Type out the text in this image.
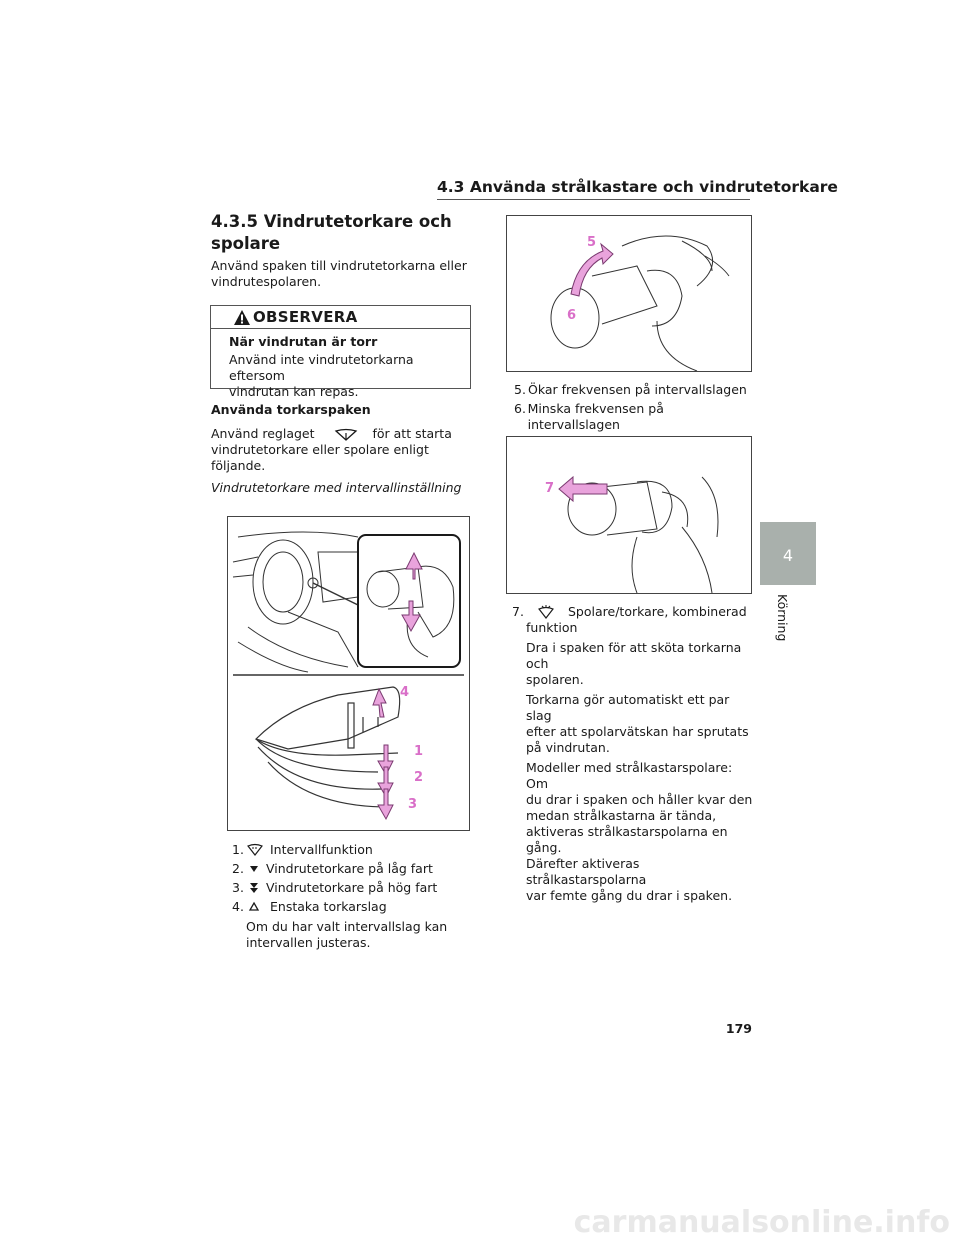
4.3 Använda strålkastare och vindrutetorkare
4.3.5 Vindrutetorkare och
spolare
Använd spaken till vindrutetorkarna eller
vindrutespolaren.
OBSERVERA
När vindrutan är torr
Använd inte vindrutetorkarna eftersom
vindrutan kan repas.
Använda torkarspaken
Använd reglaget	för att starta
vindrutetorkare eller spolare enligt
följande.
Vindrutetorkare med intervallinställning
4
1
2
3
1. Intervallfunktion
2. Vindrutetorkare på låg fart
3. Vindrutetorkare på hög fart
4. Enstaka torkarslag
Om du har valt intervallslag kan
intervallen justeras.
5
6
5. Ökar frekvensen på intervallslagen
6. Minska frekvensen på intervallslagen
7
7.	Spolare/torkare, kombinerad
funktion
Dra i spaken för att sköta torkarna och
spolaren.
Torkarna gör automatiskt ett par slag
efter att spolarvätskan har sprutats
på vindrutan.
Modeller med strålkastarspolare: Om
du drar i spaken och håller kvar den
medan strålkastarna är tända,
aktiveras strålkastarspolarna en gång.
Därefter aktiveras strålkastarspolarna
var femte gång du drar i spaken.
4
Körning
179
carmanualsonline.info
